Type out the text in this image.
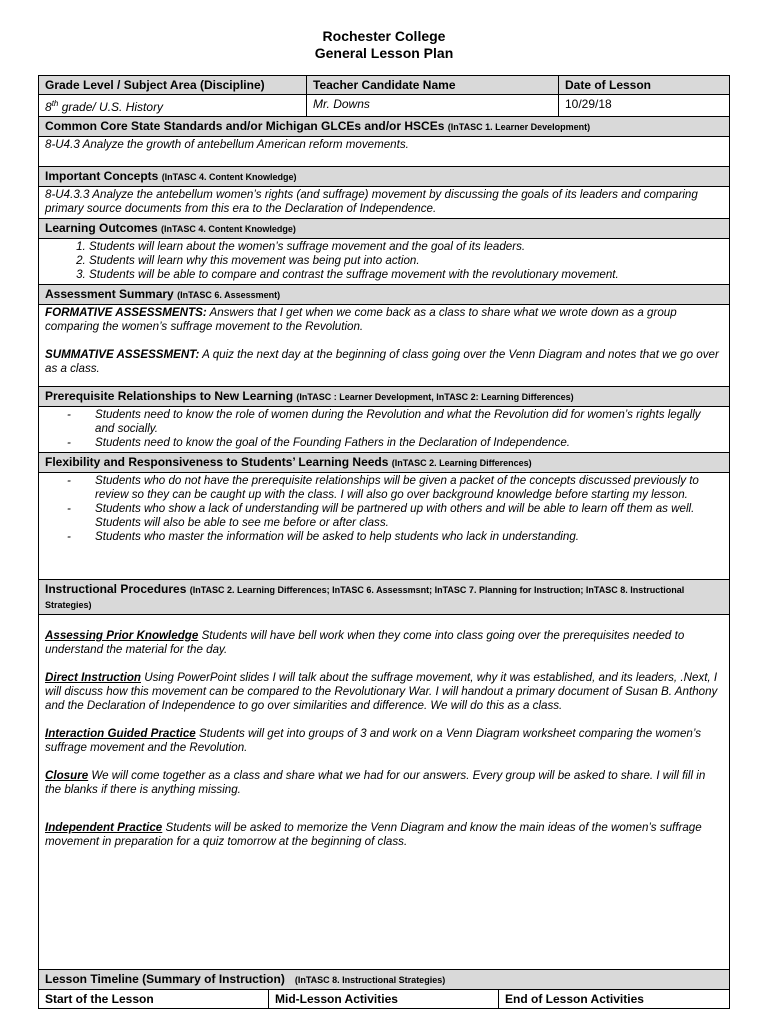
Rochester College
General Lesson Plan
Grade Level / Subject Area (Discipline)	Teacher Candidate Name	Date of Lesson
8th grade/ U.S. History	Mr. Downs	10/29/18
Common Core State Standards and/or Michigan GLCEs and/or HSCEs (InTASC 1. Learner Development)
8-U4.3 Analyze the growth of antebellum American reform movements.
Important Concepts (InTASC 4. Content Knowledge)
8-U4.3.3 Analyze the antebellum women’s rights (and suffrage) movement by discussing the goals of its leaders and comparing primary source documents from this era to the Declaration of Independence.
Learning Outcomes (InTASC 4. Content Knowledge)
1. Students will learn about the women’s suffrage movement and the goal of its leaders.
2. Students will learn why this movement was being put into action.
3. Students will be able to compare and contrast the suffrage movement with the revolutionary movement.
Assessment Summary (InTASC 6. Assessment)

FORMATIVE ASSESSMENTS: Answers that I get when we come back as a class to share what we wrote down as a group comparing the women’s suffrage movement to the Revolution.

SUMMATIVE ASSESSMENT: A quiz the next day at the beginning of class going over the Venn Diagram and notes that we go over as a class.

Prerequisite Relationships to New Learning (InTASC : Learner Development, InTASC 2: Learning Differences)
- Students need to know the role of women during the Revolution and what the Revolution did for women’s rights legally and socially.
- Students need to know the goal of the Founding Fathers in the Declaration of Independence.
Flexibility and Responsiveness to Students’ Learning Needs (InTASC 2. Learning Differences)
- Students who do not have the prerequisite relationships will be given a packet of the concepts discussed previously to review so they can be caught up with the class. I will also go over background knowledge before starting my lesson.
- Students who show a lack of understanding will be partnered up with others and will be able to learn off them as well. Students will also be able to see me before or after class.
- Students who master the information will be asked to help students who lack in understanding.
Instructional Procedures (InTASC 2. Learning Differences; InTASC 6. Assessmsnt; InTASC 7. Planning for Instruction; InTASC 8. Instructional Strategies)

Assessing Prior Knowledge Students will have bell work when they come into class going over the prerequisites needed to understand the material for the day.

Direct Instruction Using PowerPoint slides I will talk about the suffrage movement, why it was established, and its leaders, .Next, I will discuss how this movement can be compared to the Revolutionary War. I will handout a primary document of Susan B. Anthony and the Declaration of Independence to go over similarities and difference. We will do this as a class.

Interaction Guided Practice Students will get into groups of 3 and work on a Venn Diagram worksheet comparing the women’s suffrage movement and the Revolution.

Closure We will come together as a class and share what we had for our answers. Every group will be asked to share. I will fill in the blanks if there is anything missing.

Independent Practice Students will be asked to memorize the Venn Diagram and know the main ideas of the women’s suffrage movement in preparation for a quiz tomorrow at the beginning of class.

Lesson Timeline (Summary of Instruction) (InTASC 8. Instructional Strategies)
Start of the Lesson	Mid-Lesson Activities	End of Lesson Activities
